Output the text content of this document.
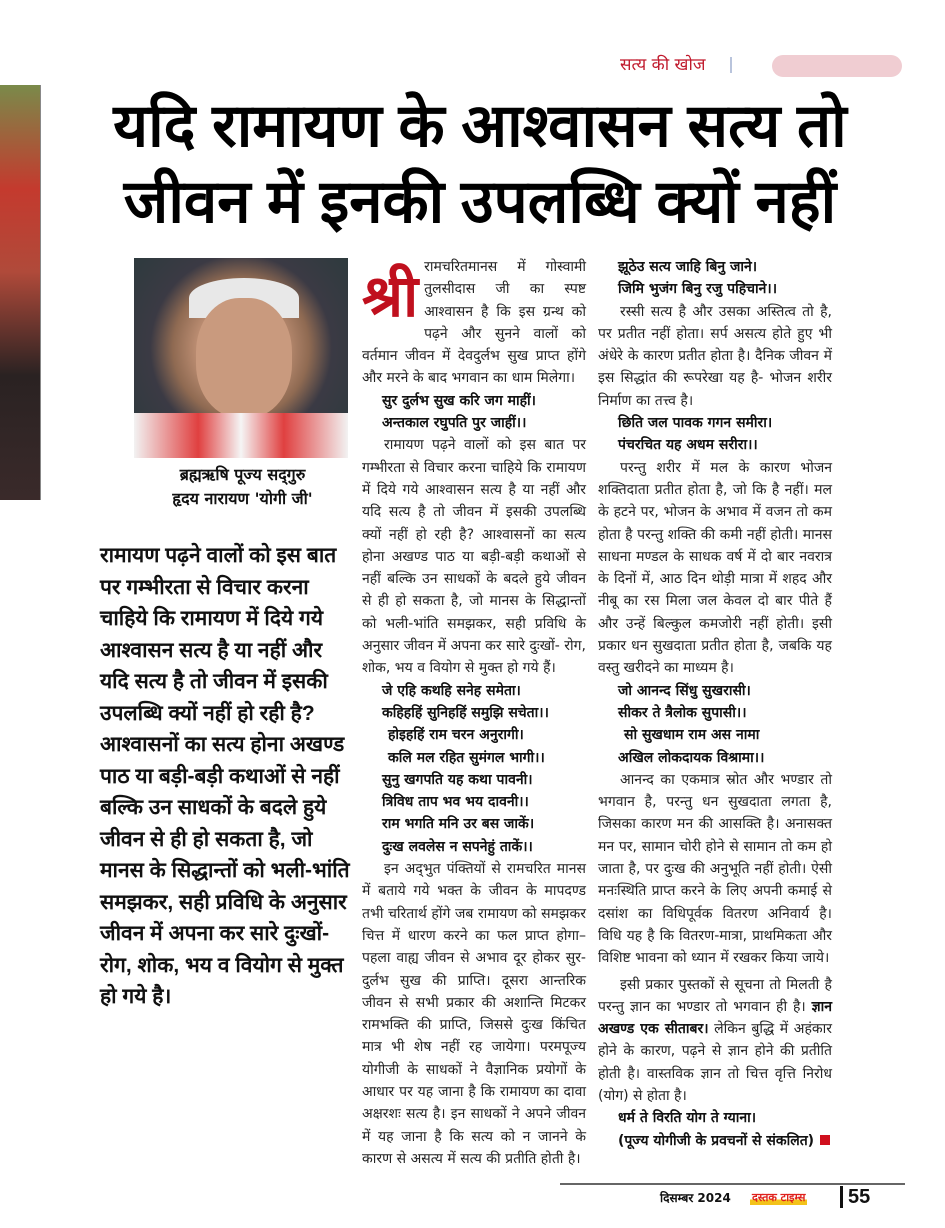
सत्य की खोज
यदि रामायण के आश्वासन सत्य तो
जीवन में इनकी उपलब्धि क्यों नहीं
ब्रह्मऋषि पूज्य सद्‌गुरु
हृदय नारायण 'योगी जी'
रामायण पढ़ने वालों को इस बात पर गम्भीरता से विचार करना चाहिये कि रामायण में दिये गये आश्वासन सत्य है या नहीं और यदि सत्य है तो जीवन में इसकी उपलब्धि क्यों नहीं हो रही है? आश्वासनों का सत्य होना अखण्ड पाठ या बड़ी-बड़ी कथाओं से नहीं बल्कि उन साधकों के बदले हुये जीवन से ही हो सकता है, जो मानस के सिद्धान्तों को भली-भांति समझकर, सही प्रविधि के अनुसार जीवन में अपना कर सारे दुःखों- रोग, शोक, भय व वियोग से मुक्त हो गये है।
श्री रामचरितमानस में गोस्वामी तुलसीदास जी का स्पष्ट आश्वासन है कि इस ग्रन्थ को पढ़ने और सुनने वालों को वर्तमान जीवन में देवदुर्लभ सुख प्राप्त होंगे और मरने के बाद भगवान का धाम मिलेगा।

सुर दुर्लभ सुख करि जग माहीं।

अन्तकाल रघुपति पुर जाहीं।।

रामायण पढ़ने वालों को इस बात पर गम्भीरता से विचार करना चाहिये कि रामायण में दिये गये आश्वासन सत्य है या नहीं और यदि सत्य है तो जीवन में इसकी उपलब्धि क्यों नहीं हो रही है? आश्वासनों का सत्य होना अखण्ड पाठ या बड़ी-बड़ी कथाओं से नहीं बल्कि उन साधकों के बदले हुये जीवन से ही हो सकता है, जो मानस के सिद्धान्तों को भली-भांति समझकर, सही प्रविधि के अनुसार जीवन में अपना कर सारे दुःखों- रोग, शोक, भय व वियोग से मुक्त हो गये हैं।

जे एहि कथहि सनेह समेता।

कहिहहिं सुनिहहिं समुझि सचेता।।

होइहहिं राम चरन अनुरागी।

कलि मल रहित सुमंगल भागी।।

सुनु खगपति यह कथा पावनी।

त्रिविध ताप भव भय दावनी।।

राम भगति मनि उर बस जाकें।

दुःख लवलेस न सपनेहुं ताकें।।

इन अद्‌भुत पंक्तियों से रामचरित मानस में बताये गये भक्त के जीवन के मापदण्ड तभी चरितार्थ होंगे जब रामायण को समझकर चित्त में धारण करने का फल प्राप्त होगा– पहला वाह्य जीवन से अभाव दूर होकर सुर-दुर्लभ सुख की प्राप्ति। दूसरा आन्तरिक जीवन से सभी प्रकार की अशान्ति मिटकर रामभक्ति की प्राप्ति, जिससे दुःख किंचित मात्र भी शेष नहीं रह जायेगा। परमपूज्य योगीजी के साधकों ने वैज्ञानिक प्रयोगों के आधार पर यह जाना है कि रामायण का दावा अक्षरशः सत्य है। इन साधकों ने अपने जीवन में यह जाना है कि सत्य को न जानने के कारण से असत्य में सत्य की प्रतीति होती है।

झूठेउ सत्य जाहि बिनु जाने।

जिमि भुजंग बिनु रजु पहिचाने।।

रस्सी सत्य है और उसका अस्तित्व तो है, पर प्रतीत नहीं होता। सर्प असत्य होते हुए भी अंधेरे के कारण प्रतीत होता है। दैनिक जीवन में इस सिद्धांत की रूपरेखा यह है- भोजन शरीर निर्माण का तत्त्व है।

छिति जल पावक गगन समीरा।

पंचरचित यह अधम सरीरा।।

परन्तु शरीर में मल के कारण भोजन शक्तिदाता प्रतीत होता है, जो कि है नहीं। मल के हटने पर, भोजन के अभाव में वजन तो कम होता है परन्तु शक्ति की कमी नहीं होती। मानस साधना मण्डल के साधक वर्ष में दो बार नवरात्र के दिनों में, आठ दिन थोड़ी मात्रा में शहद और नीबू का रस मिला जल केवल दो बार पीते हैं और उन्हें बिल्कुल कमजोरी नहीं होती। इसी प्रकार धन सुखदाता प्रतीत होता है, जबकि यह वस्तु खरीदने का माध्यम है।

जो आनन्द सिंधु सुखरासी।

सीकर ते त्रैलोक सुपासी।।

सो सुखधाम राम अस नामा

अखिल लोकदायक विश्रामा।।

आनन्द का एकमात्र स्रोत और भण्डार तो भगवान है, परन्तु धन सुखदाता लगता है, जिसका कारण मन की आसक्ति है। अनासक्त मन पर, सामान चोरी होने से सामान तो कम हो जाता है, पर दुःख की अनुभूति नहीं होती। ऐसी मनःस्थिति प्राप्त करने के लिए अपनी कमाई से दसांश का विधिपूर्वक वितरण अनिवार्य है। विधि यह है कि वितरण-मात्रा, प्राथमिकता और विशिष्ट भावना को ध्यान में रखकर किया जाये।

इसी प्रकार पुस्तकों से सूचना तो मिलती है परन्तु ज्ञान का भण्डार तो भगवान ही है। ज्ञान अखण्ड एक सीताबर। लेकिन बुद्धि में अहंकार होने के कारण, पढ़ने से ज्ञान होने की प्रतीति होती है। वास्तविक ज्ञान तो चित्त वृत्ति निरोध (योग) से होता है।

धर्म ते विरति योग ते ग्याना।

(पूज्य योगीजी के प्रवचनों से संकलित)

दिसम्बर 2024 दस्तक टाइम्स 55
